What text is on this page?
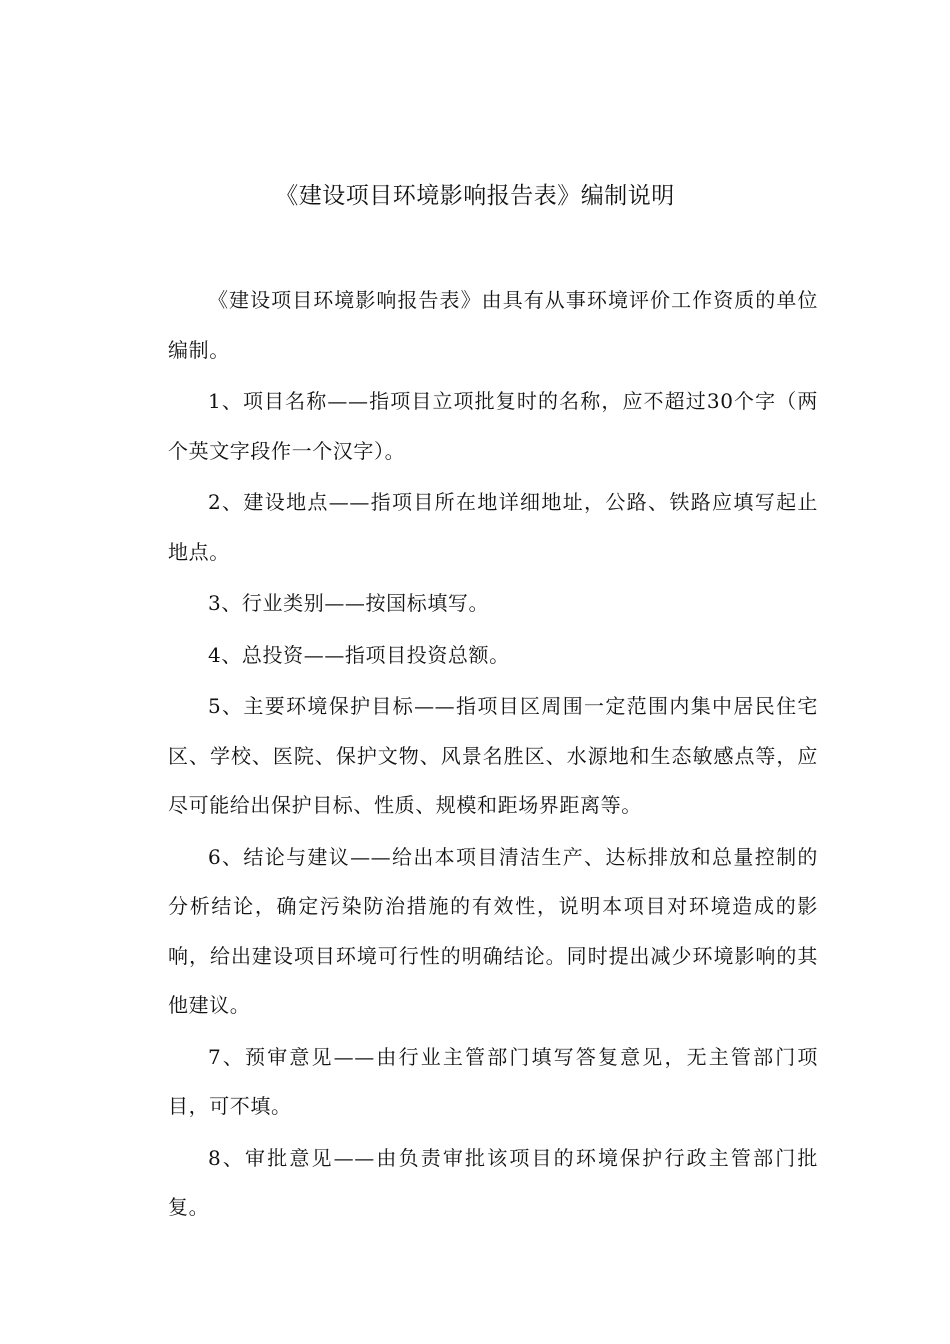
《建设项目环境影响报告表》编制说明

《建设项目环境影响报告表》由具有从事环境评价工作资质的单位编制。

1、项目名称——指项目立项批复时的名称，应不超过30个字（两个英文字段作一个汉字）。

2、建设地点——指项目所在地详细地址，公路、铁路应填写起止地点。

3、行业类别——按国标填写。

4、总投资——指项目投资总额。

5、主要环境保护目标——指项目区周围一定范围内集中居民住宅区、学校、医院、保护文物、风景名胜区、水源地和生态敏感点等，应尽可能给出保护目标、性质、规模和距场界距离等。

6、结论与建议——给出本项目清洁生产、达标排放和总量控制的分析结论，确定污染防治措施的有效性，说明本项目对环境造成的影响，给出建设项目环境可行性的明确结论。同时提出减少环境影响的其他建议。

7、预审意见——由行业主管部门填写答复意见，无主管部门项目，可不填。

8、审批意见——由负责审批该项目的环境保护行政主管部门批复。
